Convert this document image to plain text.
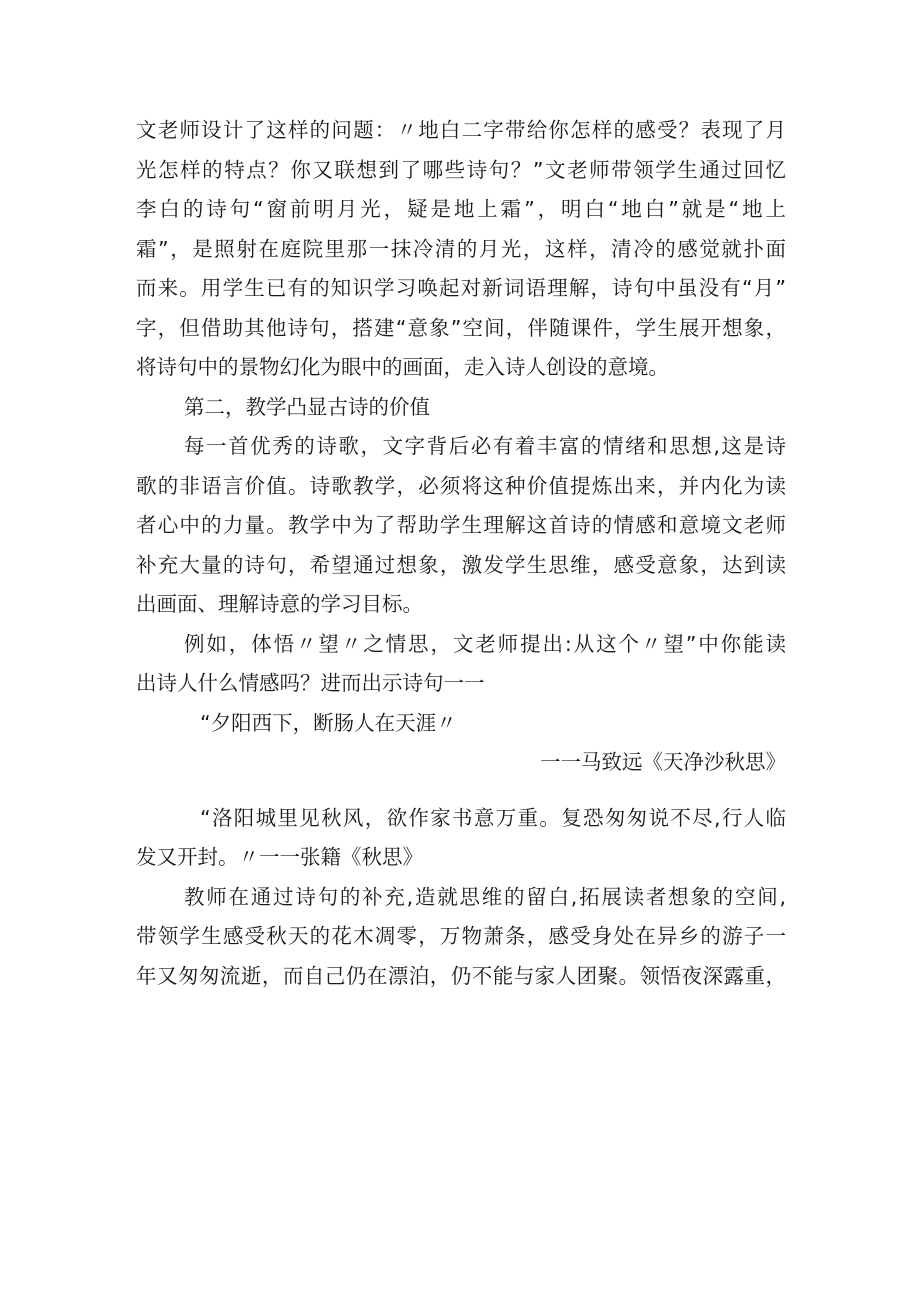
文老师设计了这样的问题：〃地白二字带给你怎样的感受？表现了月
光怎样的特点？你又联想到了哪些诗句？”文老师带领学生通过回忆
李白的诗句“窗前明月光，疑是地上霜”，明白“地白”就是“地上
霜”，是照射在庭院里那一抹冷清的月光，这样，清冷的感觉就扑面
而来。用学生已有的知识学习唤起对新词语理解，诗句中虽没有“月”
字，但借助其他诗句，搭建“意象”空间，伴随课件，学生展开想象，
将诗句中的景物幻化为眼中的画面，走入诗人创设的意境。
第二，教学凸显古诗的价值
每一首优秀的诗歌，文字背后必有着丰富的情绪和思想,这是诗
歌的非语言价值。诗歌教学，必须将这种价值提炼出来，并内化为读
者心中的力量。教学中为了帮助学生理解这首诗的情感和意境文老师
补充大量的诗句，希望通过想象，激发学生思维，感受意象，达到读
出画面、理解诗意的学习目标。
例如，体悟〃望〃之情思，文老师提出:从这个〃望”中你能读
出诗人什么情感吗？进而出示诗句一一
“夕阳西下，断肠人在天涯〃
一一马致远《天净沙秋思》
“洛阳城里见秋风，欲作家书意万重。复恐匆匆说不尽,行人临
发又开封。〃一一张籍《秋思》
教师在通过诗句的补充,造就思维的留白,拓展读者想象的空间,
带领学生感受秋天的花木凋零，万物萧条，感受身处在异乡的游子一
年又匆匆流逝，而自己仍在漂泊，仍不能与家人团聚。领悟夜深露重，
